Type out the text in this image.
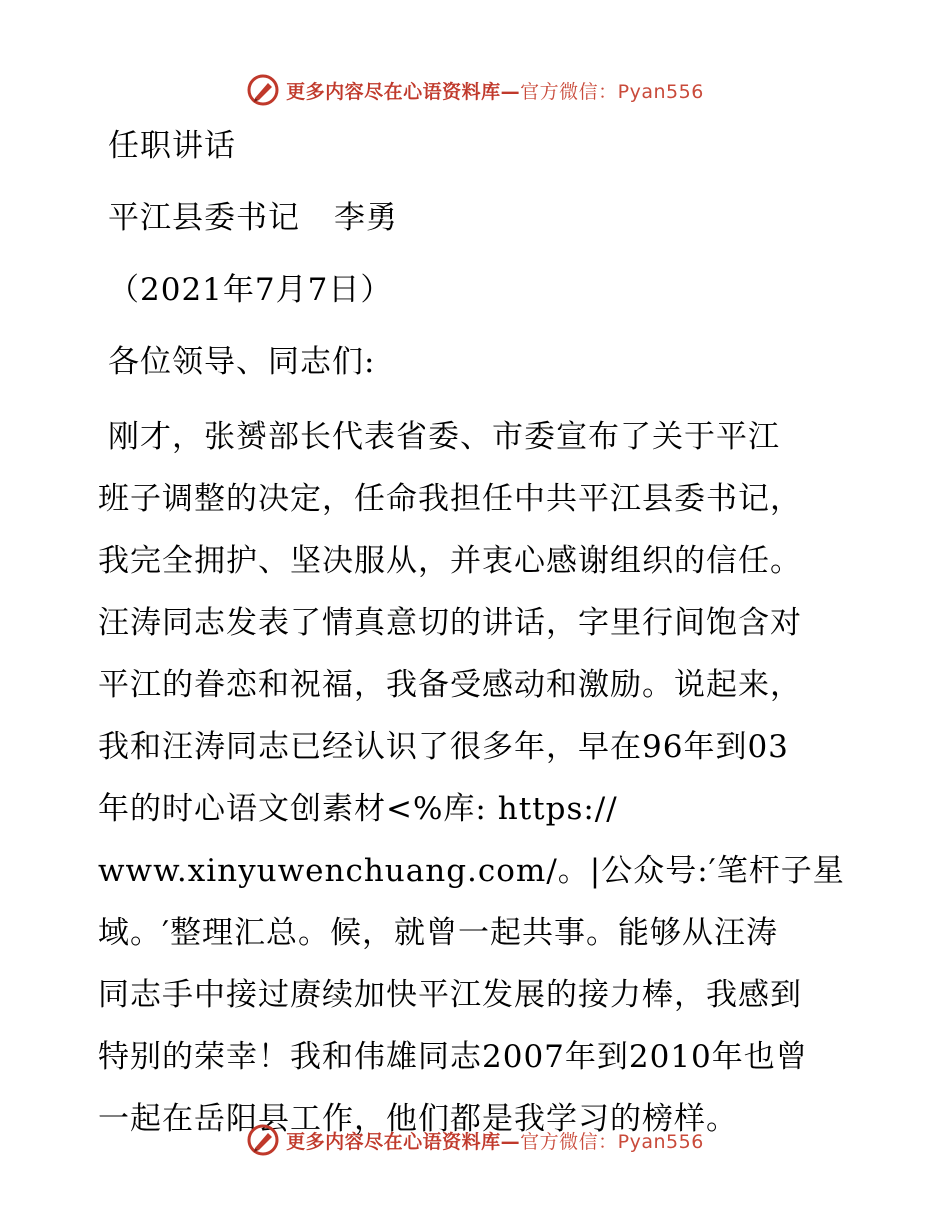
更多内容尽在心语资料库—官方微信：Pyan556
任职讲话
平江县委书记 李勇
（2021年7月7日）
各位领导、同志们:
刚才，张赟部长代表省委、市委宣布了关于平江
班子调整的决定，任命我担任中共平江县委书记，
我完全拥护、坚决服从，并衷心感谢组织的信任。
汪涛同志发表了情真意切的讲话，字里行间饱含对
平江的眷恋和祝福，我备受感动和激励。说起来，
我和汪涛同志已经认识了很多年，早在96年到03
年的时心语文创素材<%库: https://
www.xinyuwenchuang.com/。|公众号:′笔杆子星
域。′整理汇总。候，就曾一起共事。能够从汪涛
同志手中接过赓续加快平江发展的接力棒，我感到
特别的荣幸！我和伟雄同志2007年到2010年也曾
一起在岳阳县工作，他们都是我学习的榜样。
更多内容尽在心语资料库—官方微信：Pyan556
